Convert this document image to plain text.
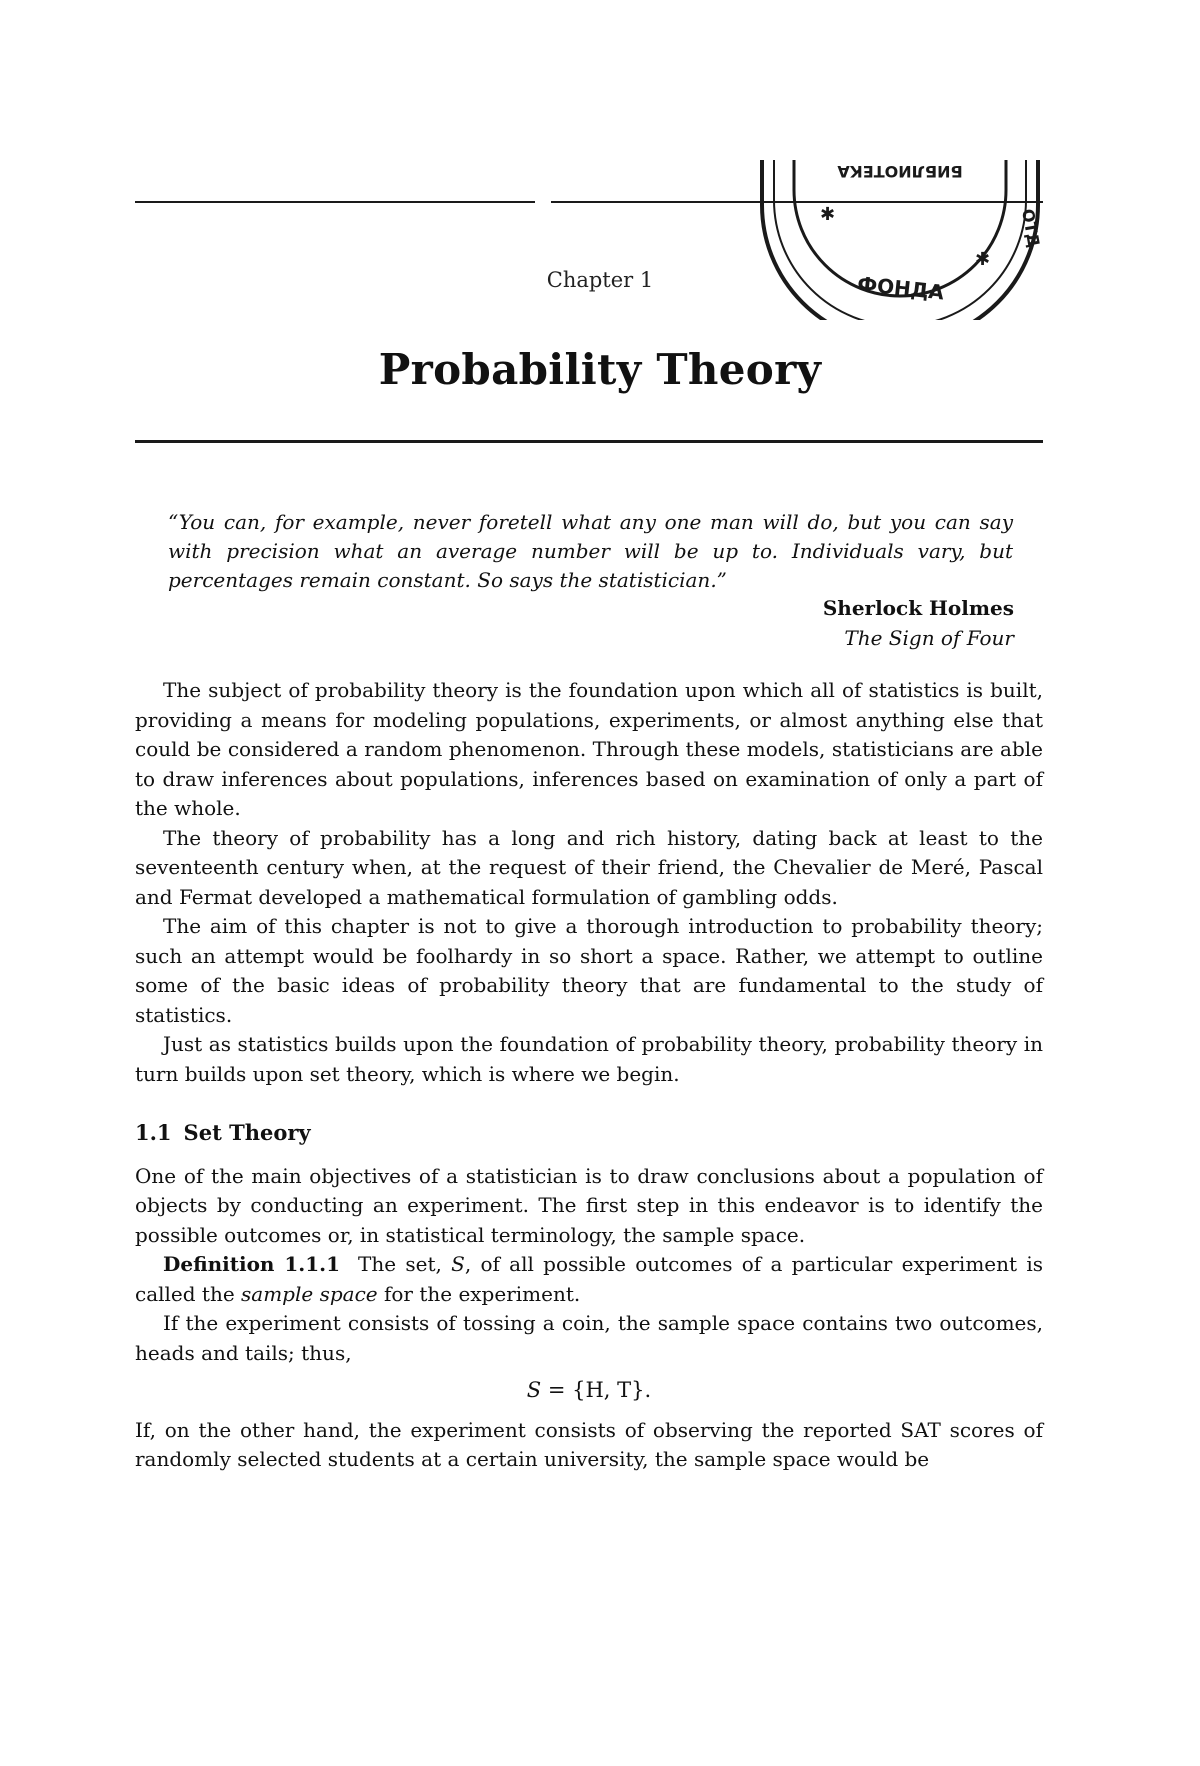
ФОНДА
БИБЛИОТЕКА
ОТД
✱
✱
Chapter 1
Probability Theory
“You can, for example, never foretell what any one man will do, but you can say with precision what an average number will be up to. Individuals vary, but percentages remain constant. So says the statistician.”
Sherlock Holmes
The Sign of Four

The subject of probability theory is the foundation upon which all of statistics is built, providing a means for modeling populations, experiments, or almost anything else that could be considered a random phenomenon. Through these models, statisticians are able to draw inferences about populations, inferences based on examination of only a part of the whole.

The theory of probability has a long and rich history, dating back at least to the seventeenth century when, at the request of their friend, the Chevalier de Meré, Pascal and Fermat developed a mathematical formulation of gambling odds.

The aim of this chapter is not to give a thorough introduction to probability theory; such an attempt would be foolhardy in so short a space. Rather, we attempt to outline some of the basic ideas of probability theory that are fundamental to the study of statistics.

Just as statistics builds upon the foundation of probability theory, probability theory in turn builds upon set theory, which is where we begin.

1.1 Set Theory

One of the main objectives of a statistician is to draw conclusions about a population of objects by conducting an experiment. The first step in this endeavor is to identify the possible outcomes or, in statistical terminology, the sample space.

Definition 1.1.1 The set, S, of all possible outcomes of a particular experiment is called the sample space for the experiment.

If the experiment consists of tossing a coin, the sample space contains two outcomes, heads and tails; thus,

S = {H, T}.

If, on the other hand, the experiment consists of observing the reported SAT scores of randomly selected students at a certain university, the sample space would be
